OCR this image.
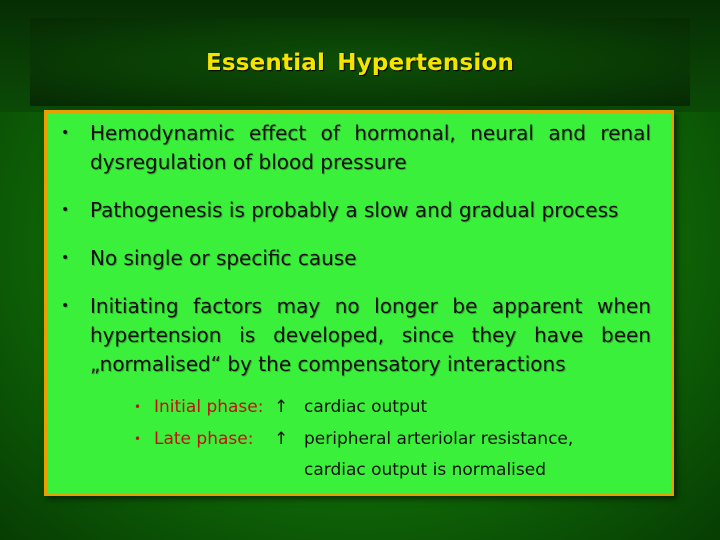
Essential Hypertension
• Hemodynamic effect of hormonal, neural and renal dysregulation of blood pressure
• Pathogenesis is probably a slow and gradual process
• No single or specific cause
• Initiating factors may no longer be apparent when hypertension is developed, since they have been „normalised“ by the compensatory interactions
• Initial phase: ↑ cardiac output
• Late phase: ↑ peripheral arteriolar resistance,
cardiac output is normalised
